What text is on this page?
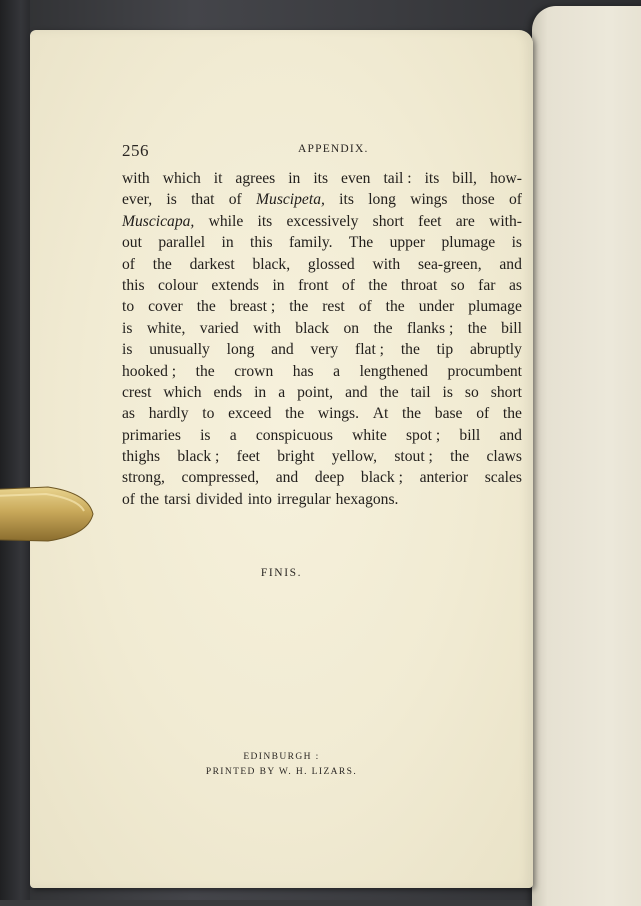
256	APPENDIX.
with which it agrees in its even tail : its bill, how-
ever, is that of Muscipeta, its long wings those of
Muscicapa, while its excessively short feet are with-
out parallel in this family. The upper plumage is
of the darkest black, glossed with sea-green, and
this colour extends in front of the throat so far as
to cover the breast ; the rest of the under plumage
is white, varied with black on the flanks ; the bill
is unusually long and very flat ; the tip abruptly
hooked ; the crown has a lengthened procumbent
crest which ends in a point, and the tail is so short
as hardly to exceed the wings. At the base of the
primaries is a conspicuous white spot ; bill and
thighs black ; feet bright yellow, stout ; the claws
strong, compressed, and deep black ; anterior scales
of the tarsi divided into irregular hexagons.
FINIS.
EDINBURGH :
PRINTED BY W. H. LIZARS.
